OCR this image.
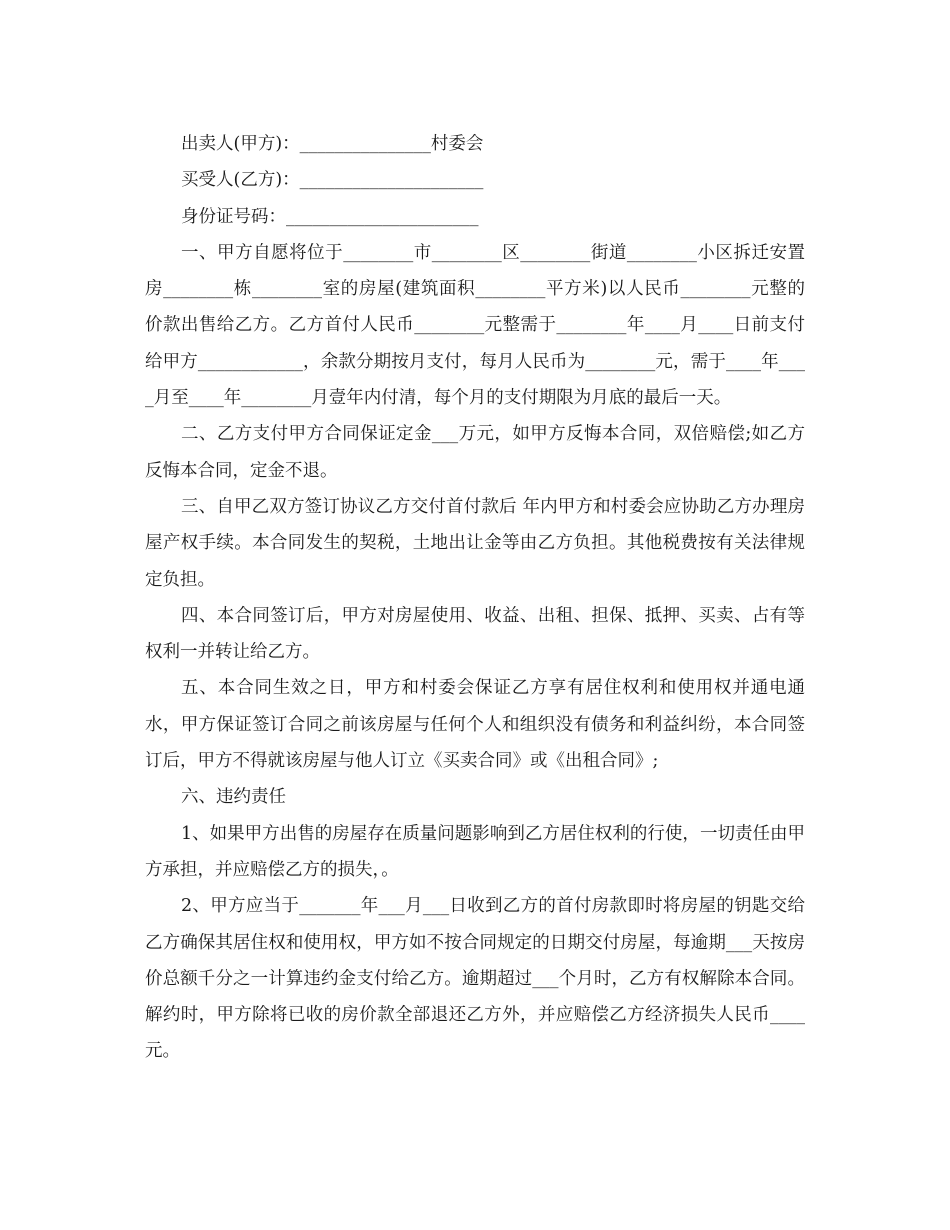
出卖人(甲方)：_______________村委会

买受人(乙方)：_____________________

身份证号码：______________________

一、甲方自愿将位于________市________区________街道________小区拆迁安置房________栋________室的房屋(建筑面积________平方米)以人民币________元整的价款出售给乙方。乙方首付人民币________元整需于________年____月____日前支付给甲方____________，余款分期按月支付，每月人民币为________元，需于____年____月至____年________月壹年内付清，每个月的支付期限为月底的最后一天。

二、乙方支付甲方合同保证定金___万元，如甲方反悔本合同，双倍赔偿;如乙方反悔本合同，定金不退。

三、自甲乙双方签订协议乙方交付首付款后 年内甲方和村委会应协助乙方办理房屋产权手续。本合同发生的契税，土地出让金等由乙方负担。其他税费按有关法律规定负担。

四、本合同签订后，甲方对房屋使用、收益、出租、担保、抵押、买卖、占有等权利一并转让给乙方。

五、本合同生效之日，甲方和村委会保证乙方享有居住权利和使用权并通电通水，甲方保证签订合同之前该房屋与任何个人和组织没有债务和利益纠纷，本合同签订后，甲方不得就该房屋与他人订立《买卖合同》或《出租合同》;

六、违约责任

1、如果甲方出售的房屋存在质量问题影响到乙方居住权利的行使，一切责任由甲方承担，并应赔偿乙方的损失，。

2、甲方应当于_______年___月___日收到乙方的首付房款即时将房屋的钥匙交给乙方确保其居住权和使用权，甲方如不按合同规定的日期交付房屋，每逾期___天按房价总额千分之一计算违约金支付给乙方。逾期超过___个月时，乙方有权解除本合同。解约时，甲方除将已收的房价款全部退还乙方外，并应赔偿乙方经济损失人民币____元。
